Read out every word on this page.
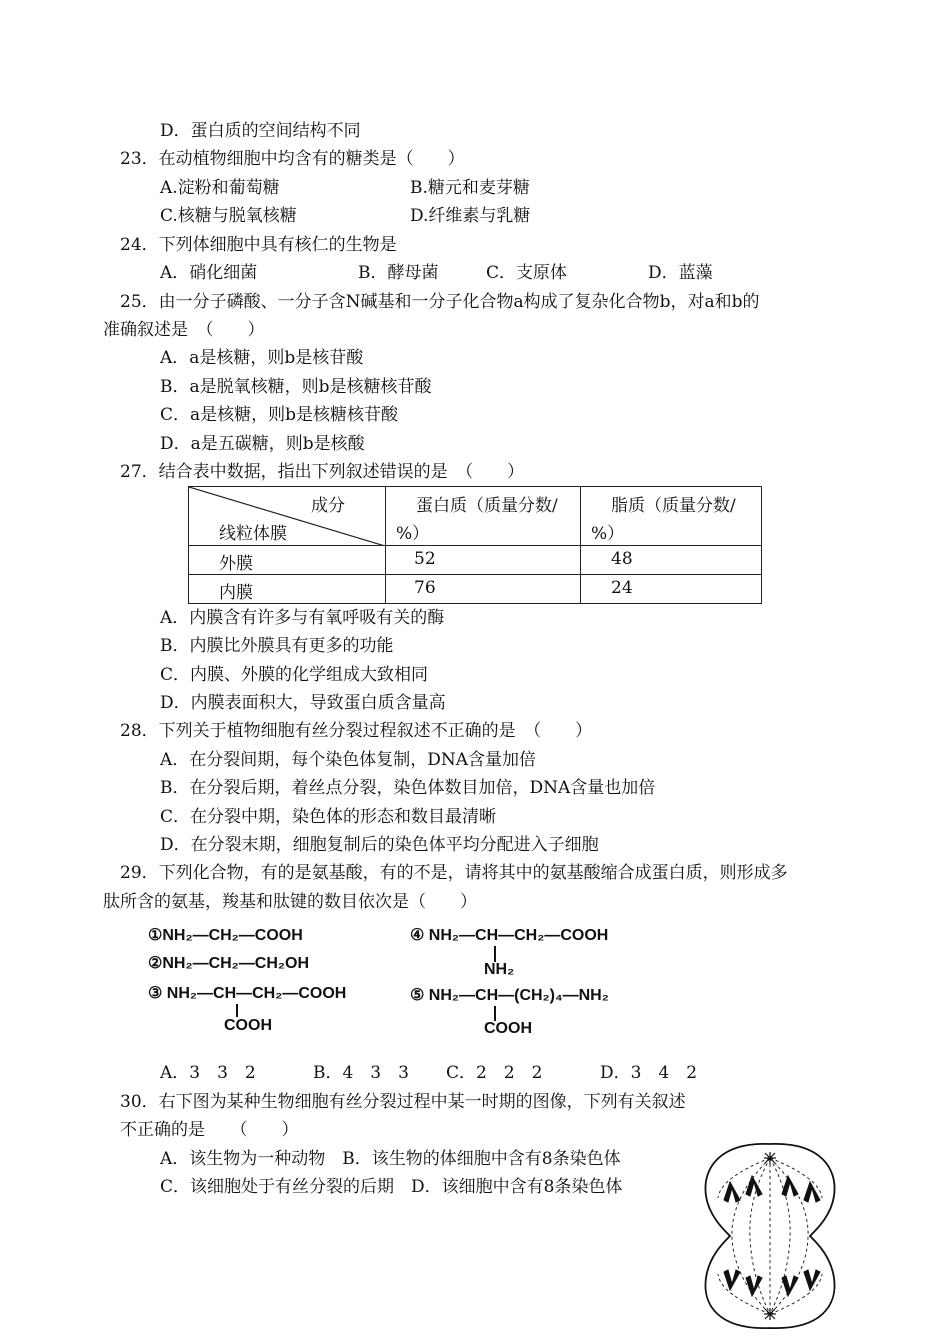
D．蛋白质的空间结构不同
23．在动植物细胞中均含有的糖类是（　　）
A.淀粉和葡萄糖	B.糖元和麦芽糖
C.核糖与脱氧核糖	D.纤维素与乳糖
24．下列体细胞中具有核仁的生物是
A．硝化细菌	B．酵母菌	C．支原体	D．蓝藻
25．由一分子磷酸、一分子含N碱基和一分子化合物a构成了复杂化合物b，对a和b的
准确叙述是　（　　）
A．a是核糖，则b是核苷酸
B．a是脱氧核糖，则b是核糖核苷酸
C．a是核糖，则b是核糖核苷酸
D．a是五碳糖，则b是核酸
27．结合表中数据，指出下列叙述错误的是　（　　）
成分
线粒体膜	蛋白质（质量分数/
%）	脂质（质量分数/
%）

外膜	52	48

内膜	76	24
A．内膜含有许多与有氧呼吸有关的酶
B．内膜比外膜具有更多的功能
C．内膜、外膜的化学组成大致相同
D．内膜表面积大，导致蛋白质含量高
28．下列关于植物细胞有丝分裂过程叙述不正确的是　（　　）
A．在分裂间期，每个染色体复制，DNA含量加倍
B．在分裂后期，着丝点分裂，染色体数目加倍，DNA含量也加倍
C．在分裂中期，染色体的形态和数目最清晰
D．在分裂末期，细胞复制后的染色体平均分配进入子细胞
29．下列化合物，有的是氨基酸，有的不是，请将其中的氨基酸缩合成蛋白质，则形成多
肽所含的氨基，羧基和肽键的数目依次是（　　）
①NH₂—CH₂—COOH
②NH₂—CH₂—CH₂OH
③ NH₂—CH—CH₂—COOH
COOH
④ NH₂—CH—CH₂—COOH
NH₂
⑤ NH₂—CH—(CH₂)₄—NH₂
COOH
A．3　3　2	B．4　3　3 C．2　2　2	D．3　4　2
30．右下图为某种生物细胞有丝分裂过程中某一时期的图像，下列有关叙述
不正确的是　　（　　）
A．该生物为一种动物　B．该生物的体细胞中含有8条染色体
C．该细胞处于有丝分裂的后期　D．该细胞中含有8条染色体
